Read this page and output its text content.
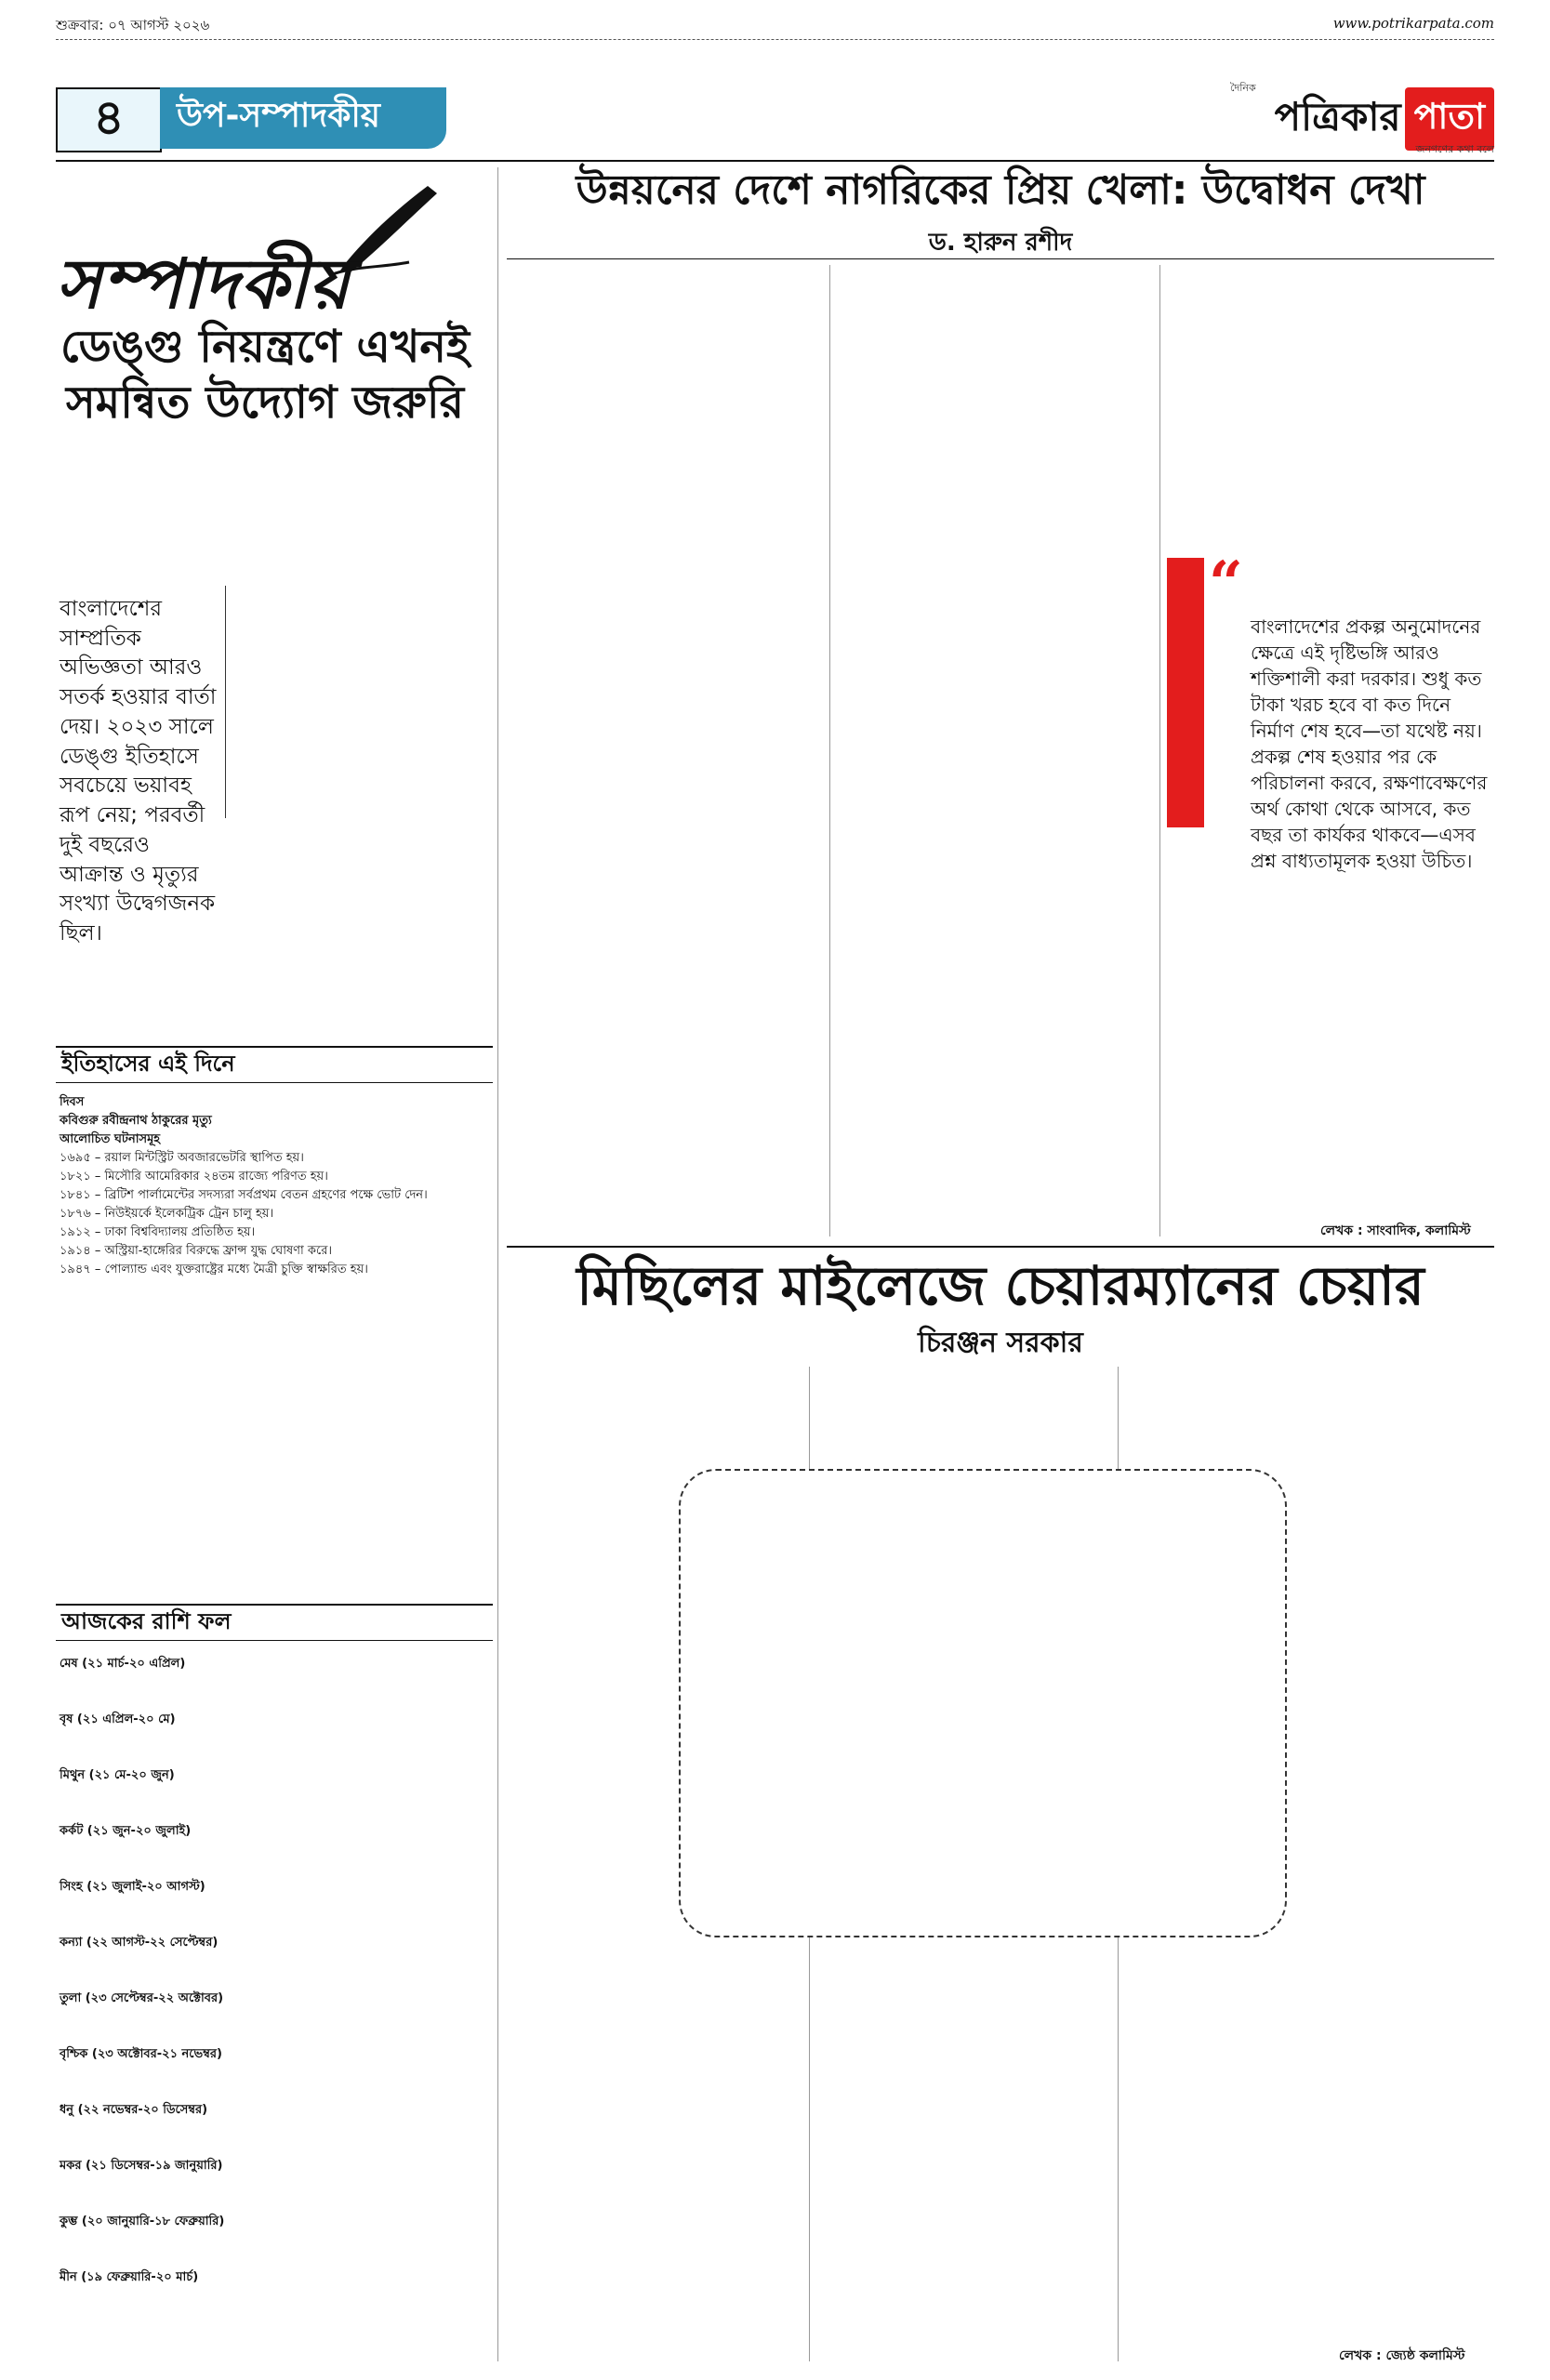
শুক্রবার: ০৭ আগস্ট ২০২৬	www.potrikarpata.com
৪	উপ-সম্পাদকীয়
দৈনিক
পত্রিকার পাতা
জনগণের কথা বলে
সম্পাদকীয়
ডেঙ্গু নিয়ন্ত্রণে এখনই
সমন্বিত উদ্যোগ জরুরি
বাংলাদেশের সাম্প্রতিক অভিজ্ঞতা আরও সতর্ক হওয়ার বার্তা দেয়। ২০২৩ সালে ডেঙ্গু ইতিহাসে সবচেয়ে ভয়াবহ রূপ নেয়; পরবর্তী দুই বছরেও আক্রান্ত ও মৃত্যুর সংখ্যা উদ্বেগজনক ছিল।
ইতিহাসের এই দিনে
দিবস
কবিগুরু রবীন্দ্রনাথ ঠাকুরের মৃত্যু
আলোচিত ঘটনাসমূহ
১৬৯৫ – রয়াল মিন্টস্ট্রিট অবজারভেটরি স্থাপিত হয়।
১৮২১ – মিসৌরি আমেরিকার ২৪তম রাজ্যে পরিণত হয়।
১৮৪১ – ব্রিটিশ পার্লামেন্টের সদস্যরা সর্বপ্রথম বেতন গ্রহণের পক্ষে ভোট দেন।
১৮৭৬ – নিউইয়র্কে ইলেকট্রিক ট্রেন চালু হয়।
১৯১২ – ঢাকা বিশ্ববিদ্যালয় প্রতিষ্ঠিত হয়।
১৯১৪ – অস্ট্রিয়া-হাঙ্গেরির বিরুদ্ধে ফ্রান্স যুদ্ধ ঘোষণা করে।
১৯৪৭ – পোল্যান্ড এবং যুক্তরাষ্ট্রের মধ্যে মৈত্রী চুক্তি স্বাক্ষরিত হয়।
আজকের রাশি ফল
মেষ (২১ মার্চ-২০ এপ্রিল)
বৃষ (২১ এপ্রিল-২০ মে)
মিথুন (২১ মে-২০ জুন)
কর্কট (২১ জুন-২০ জুলাই)
সিংহ (২১ জুলাই-২০ আগস্ট)
কন্যা (২২ আগস্ট-২২ সেপ্টেম্বর)
তুলা (২৩ সেপ্টেম্বর-২২ অক্টোবর)
বৃশ্চিক (২৩ অক্টোবর-২১ নভেম্বর)
ধনু (২২ নভেম্বর-২০ ডিসেম্বর)
মকর (২১ ডিসেম্বর-১৯ জানুয়ারি)
কুম্ভ (২০ জানুয়ারি-১৮ ফেব্রুয়ারি)
মীন (১৯ ফেব্রুয়ারি-২০ মার্চ)
উন্নয়নের দেশে নাগরিকের প্রিয় খেলা: উদ্বোধন দেখা
ড. হারুন রশীদ
“
বাংলাদেশের প্রকল্প অনুমোদনের ক্ষেত্রে এই দৃষ্টিভঙ্গি আরও শক্তিশালী করা দরকার। শুধু কত টাকা খরচ হবে বা কত দিনে নির্মাণ শেষ হবে—তা যথেষ্ট নয়। প্রকল্প শেষ হওয়ার পর কে পরিচালনা করবে, রক্ষণাবেক্ষণের অর্থ কোথা থেকে আসবে, কত বছর তা কার্যকর থাকবে—এসব প্রশ্ন বাধ্যতামূলক হওয়া উচিত।
লেখক : সাংবাদিক, কলামিস্ট
মিছিলের মাইলেজে চেয়ারম্যানের চেয়ার
চিরঞ্জন সরকার
লেখক : জ্যেষ্ঠ কলামিস্ট
